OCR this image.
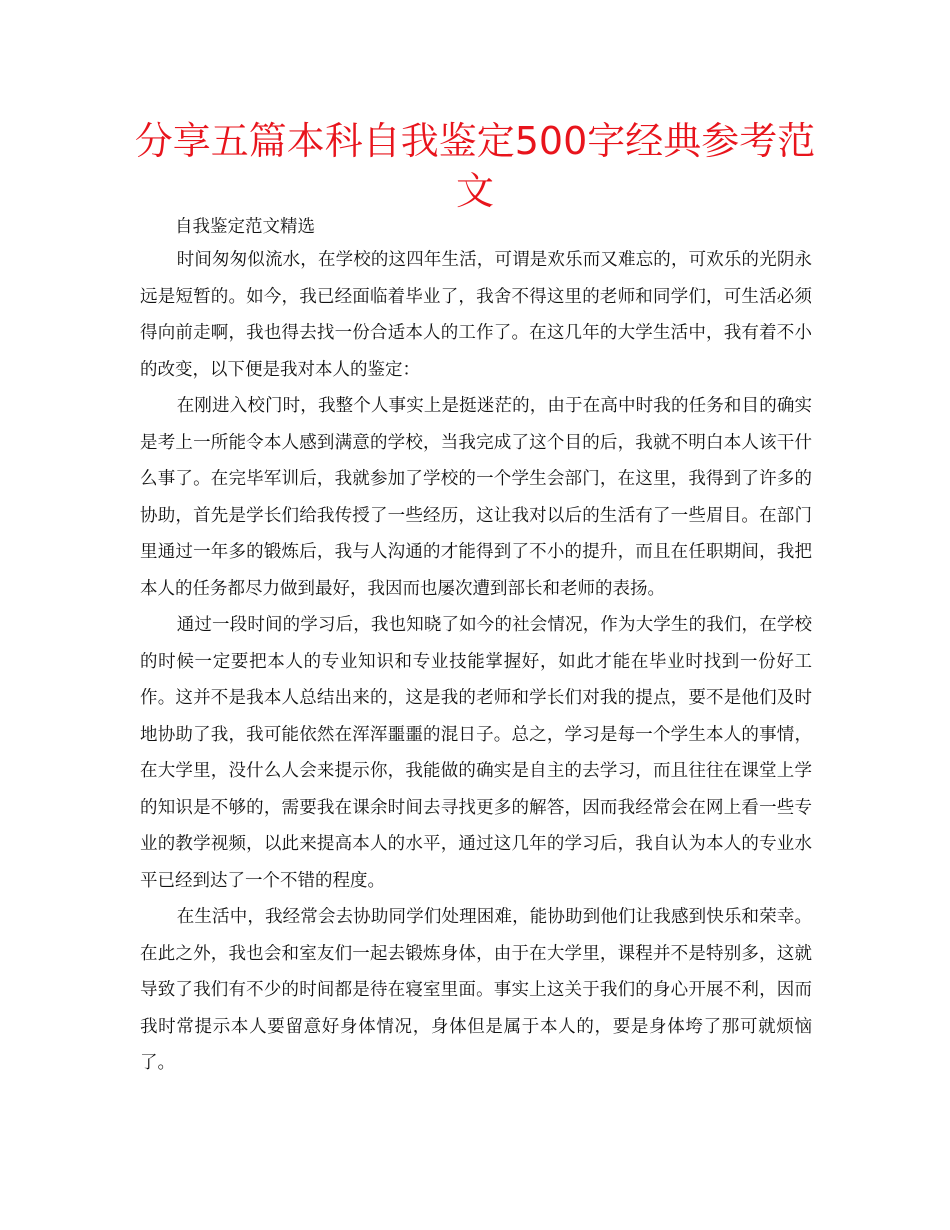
分享五篇本科自我鉴定500字经典参考范文

自我鉴定范文精选

时间匆匆似流水，在学校的这四年生活，可谓是欢乐而又难忘的，可欢乐的光阴永远是短暂的。如今，我已经面临着毕业了，我舍不得这里的老师和同学们，可生活必须得向前走啊，我也得去找一份合适本人的工作了。在这几年的大学生活中，我有着不小的改变，以下便是我对本人的鉴定：

在刚进入校门时，我整个人事实上是挺迷茫的，由于在高中时我的任务和目的确实是考上一所能令本人感到满意的学校，当我完成了这个目的后，我就不明白本人该干什么事了。在完毕军训后，我就参加了学校的一个学生会部门，在这里，我得到了许多的协助，首先是学长们给我传授了一些经历，这让我对以后的生活有了一些眉目。在部门里通过一年多的锻炼后，我与人沟通的才能得到了不小的提升，而且在任职期间，我把本人的任务都尽力做到最好，我因而也屡次遭到部长和老师的表扬。

通过一段时间的学习后，我也知晓了如今的社会情况，作为大学生的我们，在学校的时候一定要把本人的专业知识和专业技能掌握好，如此才能在毕业时找到一份好工作。这并不是我本人总结出来的，这是我的老师和学长们对我的提点，要不是他们及时地协助了我，我可能依然在浑浑噩噩的混日子。总之，学习是每一个学生本人的事情，在大学里，没什么人会来提示你，我能做的确实是自主的去学习，而且往往在课堂上学的知识是不够的，需要我在课余时间去寻找更多的解答，因而我经常会在网上看一些专业的教学视频，以此来提高本人的水平，通过这几年的学习后，我自认为本人的专业水平已经到达了一个不错的程度。

在生活中，我经常会去协助同学们处理困难，能协助到他们让我感到快乐和荣幸。在此之外，我也会和室友们一起去锻炼身体，由于在大学里，课程并不是特别多，这就导致了我们有不少的时间都是待在寝室里面。事实上这关于我们的身心开展不利，因而我时常提示本人要留意好身体情况，身体但是属于本人的，要是身体垮了那可就烦恼了。
